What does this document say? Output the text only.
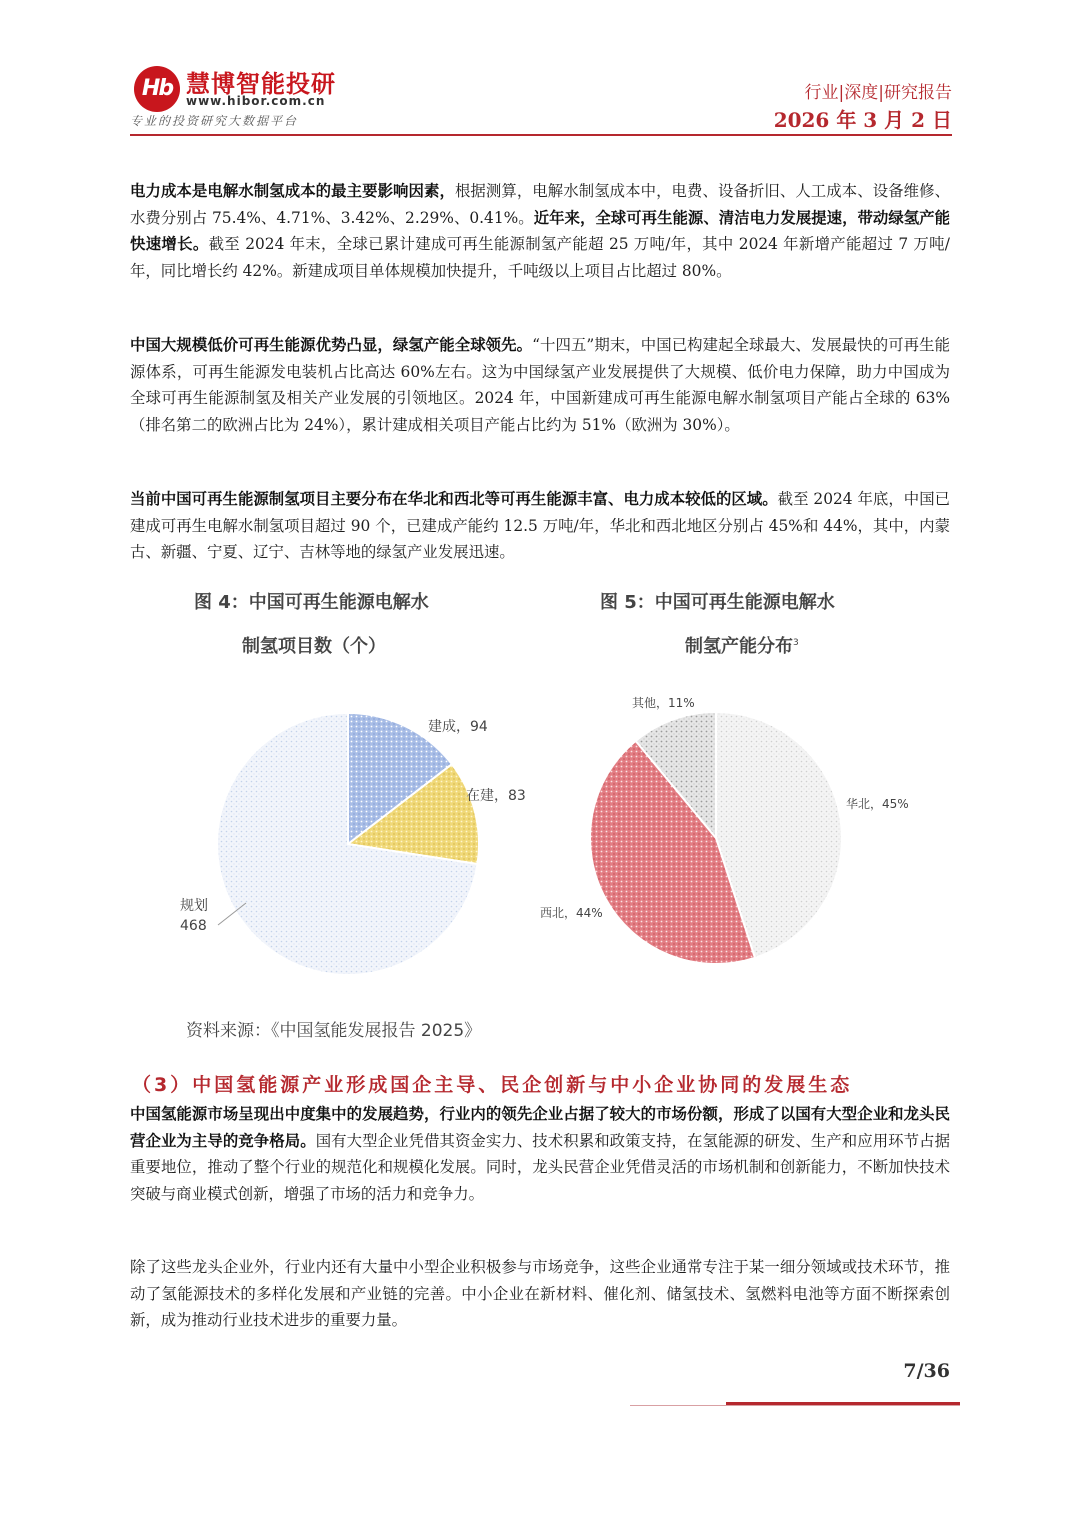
Hb 慧博智能投研
www.hibor.com.cn
专业的投资研究大数据平台
行业|深度|研究报告
2026 年 3 月 2 日

电力成本是电解水制氢成本的最主要影响因素，根据测算，电解水制氢成本中，电费、设备折旧、人工成本、设备维修、水费分别占 75.4%、4.71%、3.42%、2.29%、0.41%。近年来，全球可再生能源、清洁电力发展提速，带动绿氢产能快速增长。截至 2024 年末，全球已累计建成可再生能源制氢产能超 25 万吨/年，其中 2024 年新增产能超过 7 万吨/年，同比增长约 42%。新建成项目单体规模加快提升，千吨级以上项目占比超过 80%。

中国大规模低价可再生能源优势凸显，绿氢产能全球领先。“十四五”期末，中国已构建起全球最大、发展最快的可再生能源体系，可再生能源发电装机占比高达 60%左右。这为中国绿氢产业发展提供了大规模、低价电力保障，助力中国成为全球可再生能源制氢及相关产业发展的引领地区。2024 年，中国新建成可再生能源电解水制氢项目产能占全球的 63%（排名第二的欧洲占比为 24%），累计建成相关项目产能占比约为 51%（欧洲为 30%）。

当前中国可再生能源制氢项目主要分布在华北和西北等可再生能源丰富、电力成本较低的区域。截至 2024 年底，中国已建成可再生电解水制氢项目超过 90 个，已建成产能约 12.5 万吨/年，华北和西北地区分别占 45%和 44%，其中，内蒙古、新疆、宁夏、辽宁、吉林等地的绿氢产业发展迅速。

图 4：中国可再生能源电解水
制氢项目数（个）
图 5：中国可再生能源电解水
制氢产能分布$^3$
建成，94
在建，83
规划
468
华北，45%
西北，44%
其他，11%
资料来源：《中国氢能发展报告 2025》
（3）中国氢能源产业形成国企主导、民企创新与中小企业协同的发展生态

中国氢能源市场呈现出中度集中的发展趋势，行业内的领先企业占据了较大的市场份额，形成了以国有大型企业和龙头民营企业为主导的竞争格局。国有大型企业凭借其资金实力、技术积累和政策支持，在氢能源的研发、生产和应用环节占据重要地位，推动了整个行业的规范化和规模化发展。同时，龙头民营企业凭借灵活的市场机制和创新能力，不断加快技术突破与商业模式创新，增强了市场的活力和竞争力。

除了这些龙头企业外，行业内还有大量中小型企业积极参与市场竞争，这些企业通常专注于某一细分领域或技术环节，推动了氢能源技术的多样化发展和产业链的完善。中小企业在新材料、催化剂、储氢技术、氢燃料电池等方面不断探索创新，成为推动行业技术进步的重要力量。

7/36
